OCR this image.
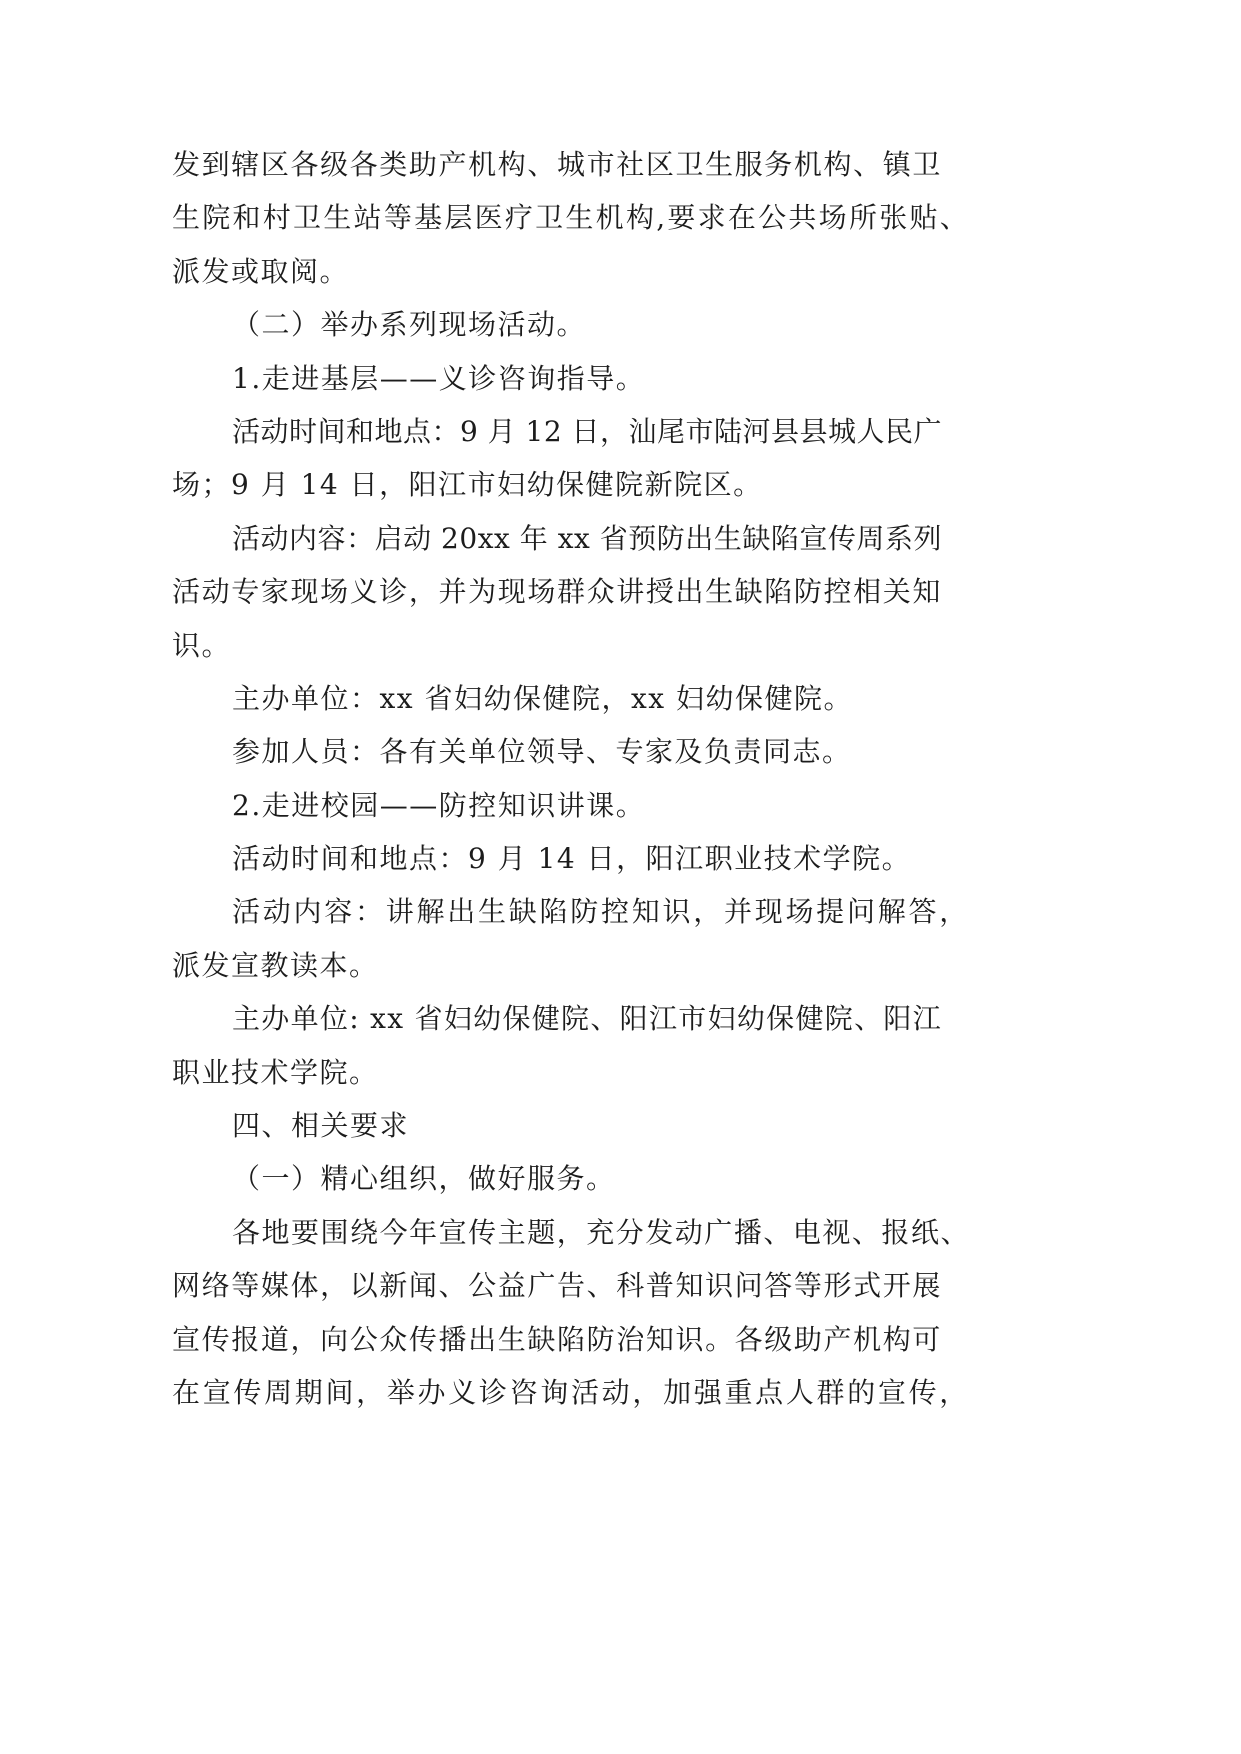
发到辖区各级各类助产机构、城市社区卫生服务机构、镇卫
生院和村卫生站等基层医疗卫生机构,要求在公共场所张贴、
派发或取阅。
（二）举办系列现场活动。
1.走进基层——义诊咨询指导。
活动时间和地点：9 月 12 日，汕尾市陆河县县城人民广
场；9 月 14 日，阳江市妇幼保健院新院区。
活动内容：启动 20xx 年 xx 省预防出生缺陷宣传周系列
活动专家现场义诊，并为现场群众讲授出生缺陷防控相关知
识。
主办单位：xx 省妇幼保健院，xx 妇幼保健院。
参加人员：各有关单位领导、专家及负责同志。
2.走进校园——防控知识讲课。
活动时间和地点：9 月 14 日，阳江职业技术学院。
活动内容：讲解出生缺陷防控知识，并现场提问解答，
派发宣教读本。
主办单位: xx 省妇幼保健院、阳江市妇幼保健院、阳江
职业技术学院。
四、相关要求
（一）精心组织，做好服务。
各地要围绕今年宣传主题，充分发动广播、电视、报纸、
网络等媒体，以新闻、公益广告、科普知识问答等形式开展
宣传报道，向公众传播出生缺陷防治知识。各级助产机构可
在宣传周期间，举办义诊咨询活动，加强重点人群的宣传，
